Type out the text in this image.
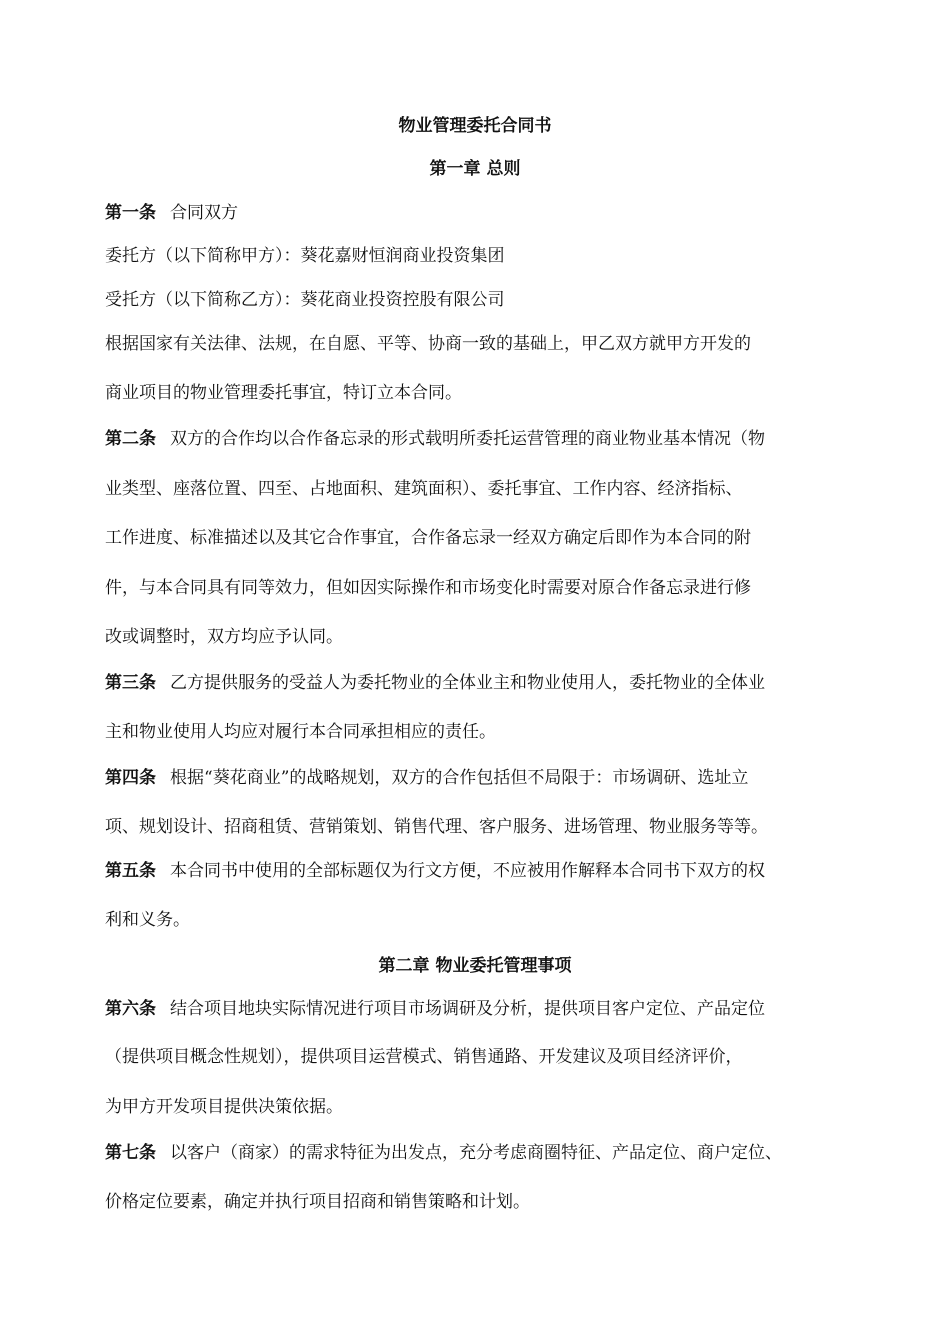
物业管理委托合同书
第一章 总则
第一条 合同双方
委托方（以下简称甲方）：葵花嘉财恒润商业投资集团
受托方（以下简称乙方）：葵花商业投资控股有限公司
根据国家有关法律、法规，在自愿、平等、协商一致的基础上，甲乙双方就甲方开发的
商业项目的物业管理委托事宜，特订立本合同。
第二条 双方的合作均以合作备忘录的形式载明所委托运营管理的商业物业基本情况（物
业类型、座落位置、四至、占地面积、建筑面积）、委托事宜、工作内容、经济指标、
工作进度、标准描述以及其它合作事宜，合作备忘录一经双方确定后即作为本合同的附
件，与本合同具有同等效力，但如因实际操作和市场变化时需要对原合作备忘录进行修
改或调整时，双方均应予认同。
第三条 乙方提供服务的受益人为委托物业的全体业主和物业使用人，委托物业的全体业
主和物业使用人均应对履行本合同承担相应的责任。
第四条 根据“葵花商业”的战略规划，双方的合作包括但不局限于：市场调研、选址立
项、规划设计、招商租赁、营销策划、销售代理、客户服务、进场管理、物业服务等等。
第五条 本合同书中使用的全部标题仅为行文方便，不应被用作解释本合同书下双方的权
利和义务。
第二章 物业委托管理事项
第六条 结合项目地块实际情况进行项目市场调研及分析，提供项目客户定位、产品定位
（提供项目概念性规划），提供项目运营模式、销售通路、开发建议及项目经济评价，
为甲方开发项目提供决策依据。
第七条 以客户（商家）的需求特征为出发点，充分考虑商圈特征、产品定位、商户定位、
价格定位要素，确定并执行项目招商和销售策略和计划。
